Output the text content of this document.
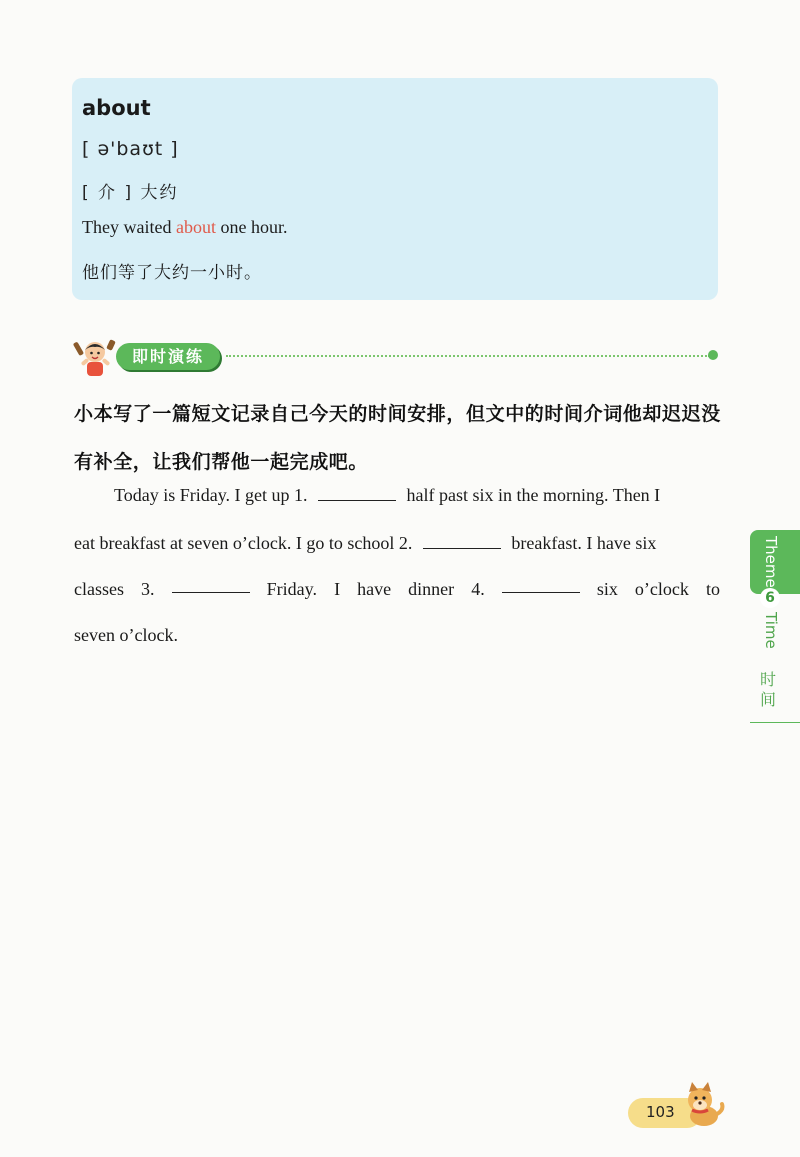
about
[ ə'baʊt ]
[ 介 ] 大约
They waited about one hour.
他们等了大约一小时。
即时演练
小本写了一篇短文记录自己今天的时间安排，但文中的时间介词他却迟迟没
有补全，让我们帮他一起完成吧。
Today is Friday. I get up 1.	half past six in the morning. Then I
eat breakfast at seven o’clock. I go to school 2.	breakfast. I have six
classes 3.	Friday. I have dinner 4.	six o’clock to
seven o’clock.
Theme
6
Time
时间
103
